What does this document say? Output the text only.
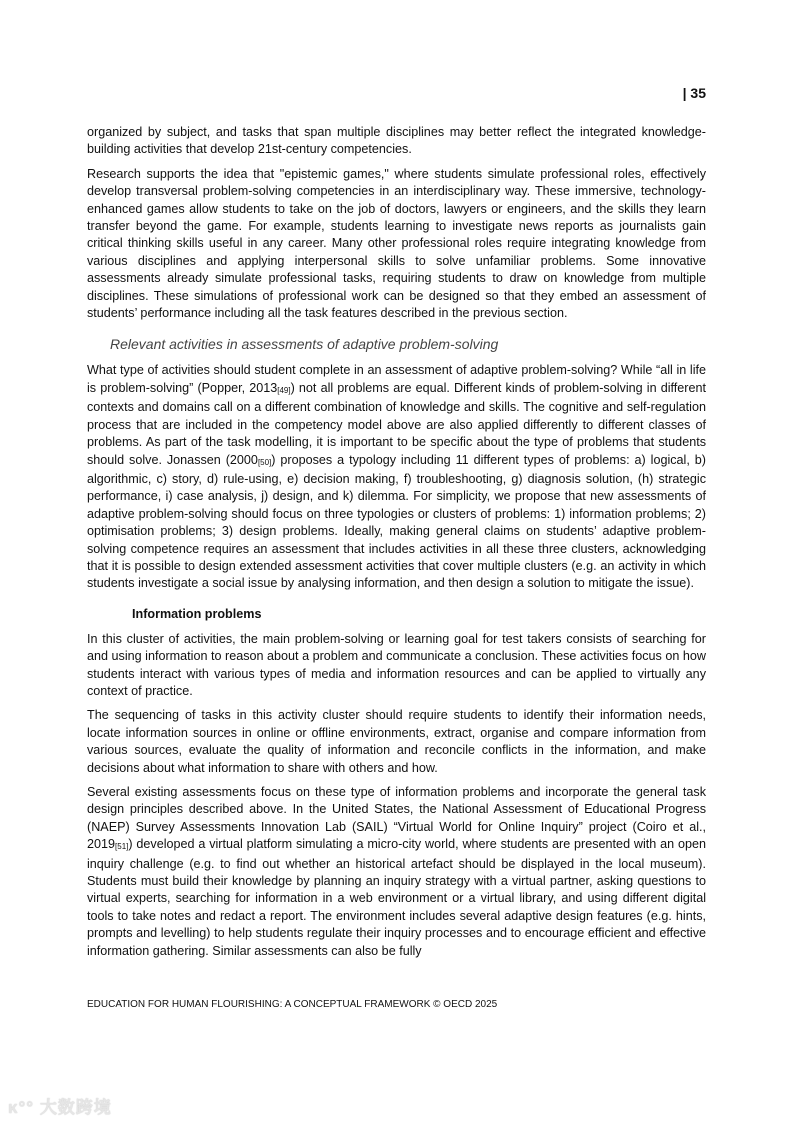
| 35

organized by subject, and tasks that span multiple disciplines may better reflect the integrated knowledge-building activities that develop 21st-century competencies.

Research supports the idea that "epistemic games," where students simulate professional roles, effectively develop transversal problem-solving competencies in an interdisciplinary way. These immersive, technology-enhanced games allow students to take on the job of doctors, lawyers or engineers, and the skills they learn transfer beyond the game. For example, students learning to investigate news reports as journalists gain critical thinking skills useful in any career. Many other professional roles require integrating knowledge from various disciplines and applying interpersonal skills to solve unfamiliar problems. Some innovative assessments already simulate professional tasks, requiring students to draw on knowledge from multiple disciplines. These simulations of professional work can be designed so that they embed an assessment of students’ performance including all the task features described in the previous section.

Relevant activities in assessments of adaptive problem-solving

What type of activities should student complete in an assessment of adaptive problem-solving? While “all in life is problem-solving” (Popper, $2013_{[49]}$) not all problems are equal. Different kinds of problem-solving in different contexts and domains call on a different combination of knowledge and skills. The cognitive and self-regulation process that are included in the competency model above are also applied differently to different classes of problems. As part of the task modelling, it is important to be specific about the type of problems that students should solve. Jonassen $(2000_{[50]})$ proposes a typology including 11 different types of problems: a) logical, b) algorithmic, c) story, d) rule-using, e) decision making, f) troubleshooting, g) diagnosis solution, (h) strategic performance, i) case analysis, j) design, and k) dilemma. For simplicity, we propose that new assessments of adaptive problem-solving should focus on three typologies or clusters of problems: 1) information problems; 2) optimisation problems; 3) design problems. Ideally, making general claims on students’ adaptive problem-solving competence requires an assessment that includes activities in all these three clusters, acknowledging that it is possible to design extended assessment activities that cover multiple clusters (e.g. an activity in which students investigate a social issue by analysing information, and then design a solution to mitigate the issue).

Information problems

In this cluster of activities, the main problem-solving or learning goal for test takers consists of searching for and using information to reason about a problem and communicate a conclusion. These activities focus on how students interact with various types of media and information resources and can be applied to virtually any context of practice.

The sequencing of tasks in this activity cluster should require students to identify their information needs, locate information sources in online or offline environments, extract, organise and compare information from various sources, evaluate the quality of information and reconcile conflicts in the information, and make decisions about what information to share with others and how.

Several existing assessments focus on these type of information problems and incorporate the general task design principles described above. In the United States, the National Assessment of Educational Progress (NAEP) Survey Assessments Innovation Lab (SAIL) “Virtual World for Online Inquiry” project (Coiro et al., $2019_{[51]}$) developed a virtual platform simulating a micro-city world, where students are presented with an open inquiry challenge (e.g. to find out whether an historical artefact should be displayed in the local museum). Students must build their knowledge by planning an inquiry strategy with a virtual partner, asking questions to virtual experts, searching for information in a web environment or a virtual library, and using different digital tools to take notes and redact a report. The environment includes several adaptive design features (e.g. hints, prompts and levelling) to help students regulate their inquiry processes and to encourage efficient and effective information gathering. Similar assessments can also be fully

EDUCATION FOR HUMAN FLOURISHING: A CONCEPTUAL FRAMEWORK © OECD 2025
ᴋ°° 大数跨境
